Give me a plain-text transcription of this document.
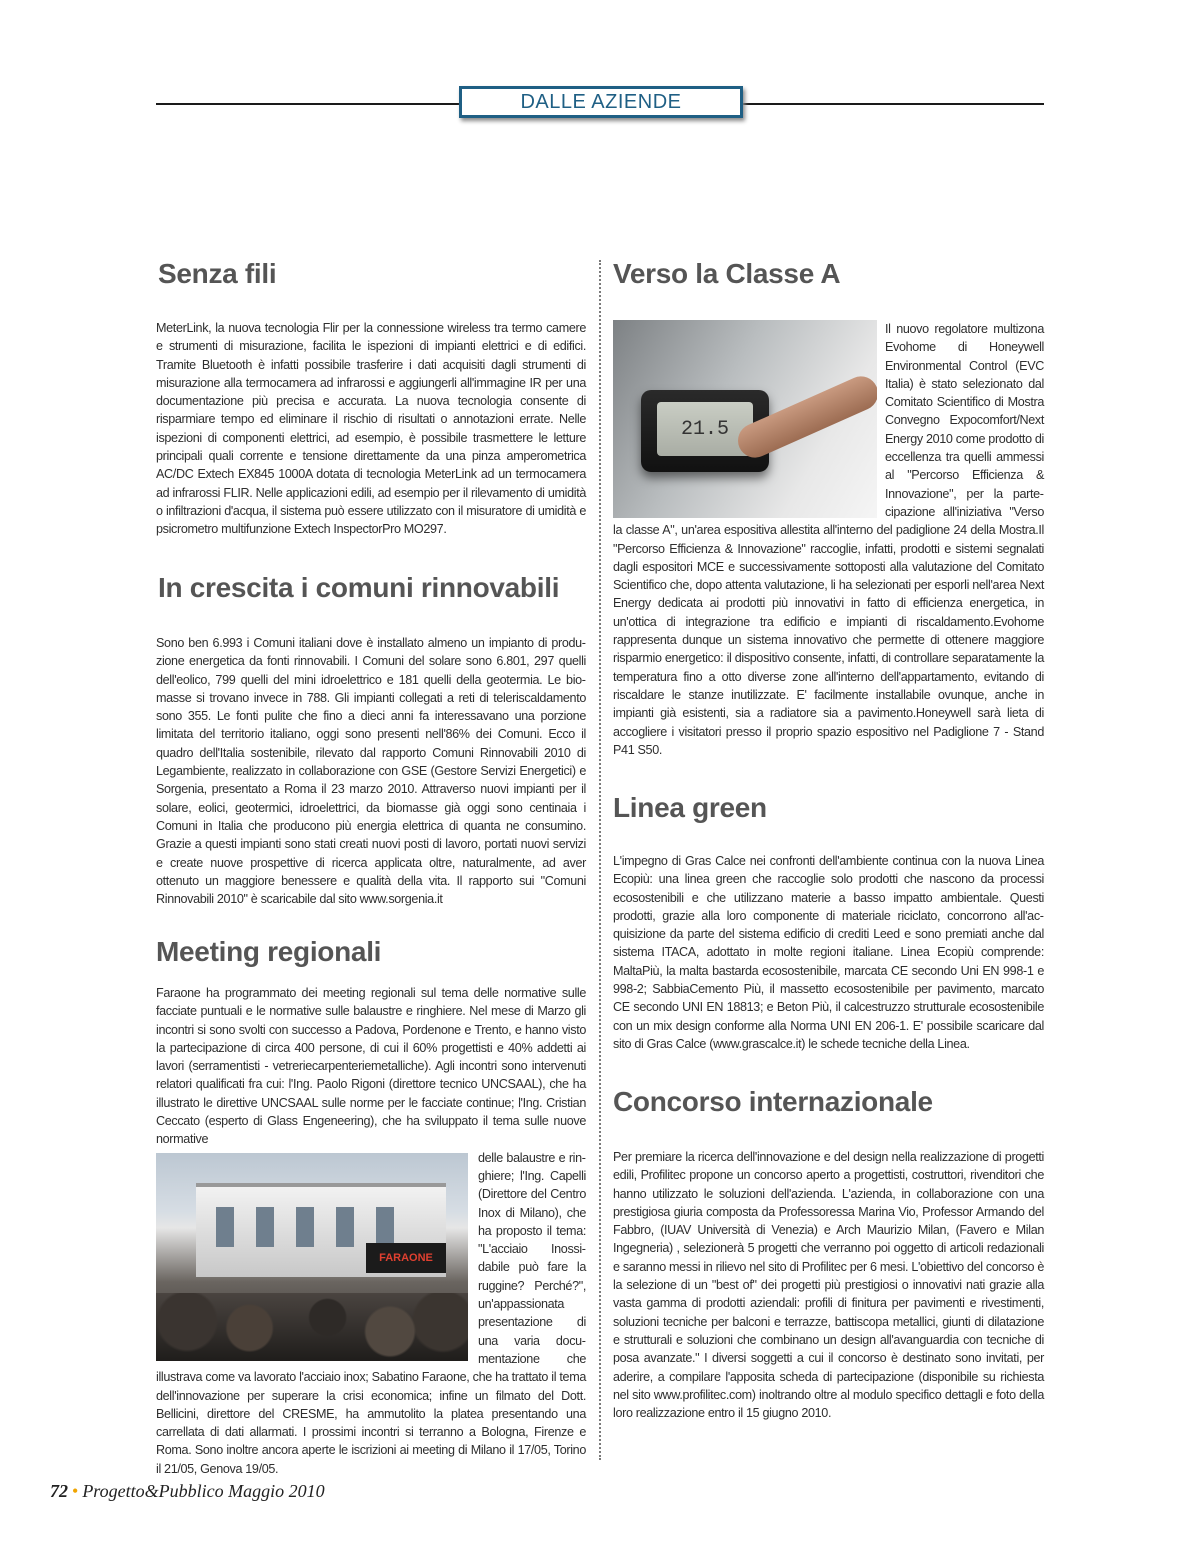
DALLE AZIENDE
Senza fili

MeterLink, la nuova tecnologia Flir per la connessione wireless tra termo camere e strumenti di misurazione, facilita le ispezioni di impianti elettrici e di edifici. Tramite Bluetooth è infatti possibile trasferire i dati acquisiti dagli strumenti di misurazione alla termocamera ad infrarossi e aggiungerli all'immagine IR per una documentazione più precisa e accurata. La nuova tecnologia consente di risparmiare tempo ed eliminare il rischio di risultati o annotazioni errate. Nelle ispezioni di componenti elettrici, ad esempio, è possibile trasmettere le letture principali quali corrente e tensione direttamente da una pinza amperometrica AC/DC Extech EX845 1000A dotata di tecnologia MeterLink ad un termocamera ad infrarossi FLIR. Nelle applicazioni edili, ad esempio per il rilevamento di umidità o infiltrazioni d'acqua, il sistema può essere utilizzato con il misuratore di umidità e psicrometro multifunzione Extech InspectorPro MO297.

In crescita i comuni rinnovabili

Sono ben 6.993 i Comuni italiani dove è installato almeno un impianto di produzione energetica da fonti rinnovabili. I Comuni del solare sono 6.801, 297 quelli dell'eolico, 799 quelli del mini idroelettrico e 181 quelli della geotermia. Le biomasse si trovano invece in 788. Gli impianti collegati a reti di teleriscaldamento sono 355. Le fonti pulite che fino a dieci anni fa interessavano una porzione limitata del territorio italiano, oggi sono presenti nell'86% dei Comuni. Ecco il quadro dell'Italia sostenibile, rilevato dal rapporto Comuni Rinnovabili 2010 di Legambiente, realizzato in collaborazione con GSE (Gestore Servizi Energetici) e Sorgenia, presentato a Roma il 23 marzo 2010. Attraverso nuovi impianti per il solare, eolici, geotermici, idroelettrici, da biomasse già oggi sono centinaia i Comuni in Italia che producono più energia elettrica di quanta ne consumino. Grazie a questi impianti sono stati creati nuovi posti di lavoro, portati nuovi servizi e create nuove prospettive di ricerca applicata oltre, naturalmente, ad aver ottenuto un maggiore benessere e qualità della vita. Il rapporto sui "Comuni Rinnovabili 2010" è scaricabile dal sito www.sorgenia.it

Meeting regionali

Faraone ha programmato dei meeting regionali sul tema delle normative sulle facciate puntuali e le normative sulle balaustre e ringhiere. Nel mese di Marzo gli incontri si sono svolti con successo a Padova, Pordenone e Trento, e hanno visto la partecipazione di circa 400 persone, di cui il 60% progettisti e 40% addetti ai lavori (serramentisti - vetreriecarpenteriemetalliche). Agli incontri sono intervenuti relatori qualificati fra cui: l'Ing. Paolo Rigoni (direttore tecnico UNCSAAL), che ha illustrato le direttive UNCSAAL sulle norme per le facciate continue; l'Ing. Cristian Ceccato (esperto di Glass Engeneering), che ha sviluppato il tema sulle nuove normative

FARAONE

delle balaustre e ringhiere; l'Ing. Capelli (Direttore del Centro Inox di Milano), che ha proposto il tema: "L'acciaio Inossidabile può fare la ruggine? Perché?", un'appassionata presentazione di una varia documentazione che illustrava come va lavorato l'acciaio inox; Sabatino Faraone, che ha trattato il tema dell'innovazione per superare la crisi economica; infine un filmato del Dott. Bellicini, direttore del CRESME, ha ammutolito la platea presentando una carrellata di dati allarmati. I prossimi incontri si terranno a Bologna, Firenze e Roma. Sono inoltre ancora aperte le iscrizioni ai meeting di Milano il 17/05, Torino il 21/05, Genova 19/05.

Verso la Classe A
21.5

Il nuovo regolatore multizona Evohome di Honeywell Environmental Control (EVC Italia) è stato selezionato dal Comitato Scientifico di Mostra Convegno Expocomfort/Next Energy 2010 come prodotto di eccellenza tra quelli ammessi al "Percorso Efficienza & Innovazione", per la partecipazione all'iniziativa "Verso la classe A", un'area espositiva allestita all'interno del padiglione 24 della Mostra.Il "Percorso Efficienza & Innovazione" raccoglie, infatti, prodotti e sistemi segnalati dagli espositori MCE e successivamente sottoposti alla valutazione del Comitato Scientifico che, dopo attenta valutazione, li ha selezionati per esporli nell'area Next Energy dedicata ai prodotti più innovativi in fatto di efficienza energetica, in un'ottica di integrazione tra edificio e impianti di riscaldamento.Evohome rappresenta dunque un sistema innovativo che permette di ottenere maggiore risparmio energetico: il dispositivo consente, infatti, di controllare separatamente la temperatura fino a otto diverse zone all'interno dell'appartamento, evitando di riscaldare le stanze inutilizzate. E' facilmente installabile ovunque, anche in impianti già esistenti, sia a radiatore sia a pavimento.Honeywell sarà lieta di accogliere i visitatori presso il proprio spazio espositivo nel Padiglione 7 - Stand P41 S50.

Linea green

L'impegno di Gras Calce nei confronti dell'ambiente continua con la nuova Linea Ecopiù: una linea green che raccoglie solo prodotti che nascono da processi ecosostenibili e che utilizzano materie a basso impatto ambientale. Questi prodotti, grazie alla loro componente di materiale riciclato, concorrono all'acquisizione da parte del sistema edificio di crediti Leed e sono premiati anche dal sistema ITACA, adottato in molte regioni italiane. Linea Ecopiù comprende: MaltaPiù, la malta bastarda ecosostenibile, marcata CE secondo Uni EN 998-1 e 998-2; SabbiaCemento Più, il massetto ecosostenibile per pavimento, marcato CE secondo UNI EN 18813; e Beton Più, il calcestruzzo strutturale ecosostenibile con un mix design conforme alla Norma UNI EN 206-1. E' possibile scaricare dal sito di Gras Calce (www.grascalce.it) le schede tecniche della Linea.

Concorso internazionale

Per premiare la ricerca dell'innovazione e del design nella realizzazione di progetti edili, Profilitec propone un concorso aperto a progettisti, costruttori, rivenditori che hanno utilizzato le soluzioni dell'azienda. L'azienda, in collaborazione con una prestigiosa giuria composta da Professoressa Marina Vio, Professor Armando del Fabbro, (IUAV Università di Venezia) e Arch Maurizio Milan, (Favero e Milan Ingegneria) , selezionerà 5 progetti che verranno poi oggetto di articoli redazionali e saranno messi in rilievo nel sito di Profilitec per 6 mesi. L'obiettivo del concorso è la selezione di un "best of" dei progetti più prestigiosi o innovativi nati grazie alla vasta gamma di prodotti aziendali: profili di finitura per pavimenti e rivestimenti, soluzioni tecniche per balconi e terrazze, battiscopa metallici, giunti di dilatazione e strutturali e soluzioni che combinano un design all'avanguardia con tecniche di posa avanzate." I diversi soggetti a cui il concorso è destinato sono invitati, per aderire, a compilare l'apposita scheda di partecipazione (disponibile su richiesta nel sito www.profilitec.com) inoltrando oltre al modulo specifico dettagli e foto della loro realizzazione entro il 15 giugno 2010.

72 • Progetto&Pubblico Maggio 2010
